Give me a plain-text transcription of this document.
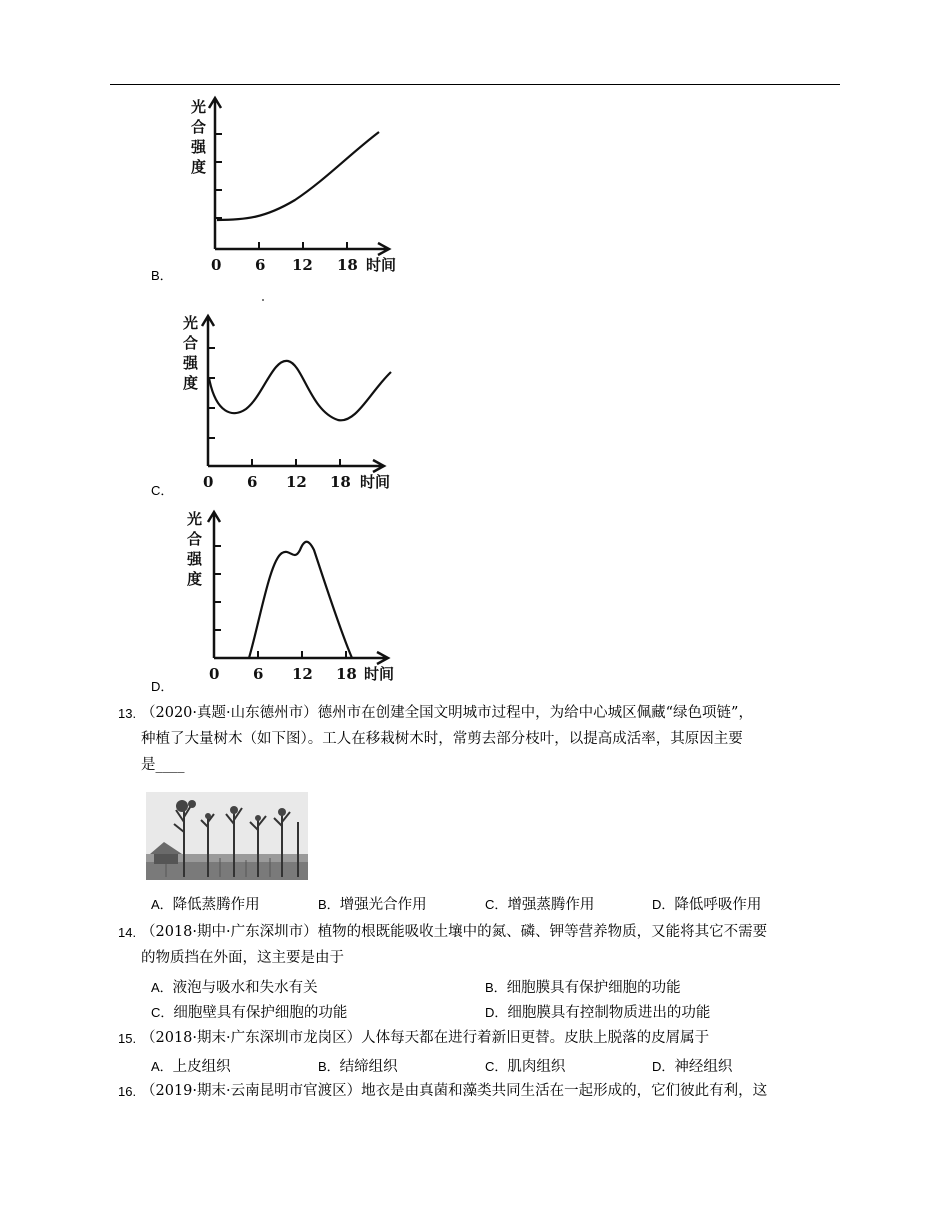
光
合
强
度
0 6 12 18 时间
B．
光
合
强
度
0 6 12 18 时间
C．
光
合
强
度
0 6 12 18 时间
D．
13. （2020·真题·山东德州市）德州市在创建全国文明城市过程中，为给中心城区佩藏“绿色项链”，
种植了大量树木（如下图）。工人在移栽树木时，常剪去部分枝叶，以提高成活率，其原因主要
是____
A．降低蒸腾作用	B．增强光合作用	C．增强蒸腾作用	D．降低呼吸作用
14. （2018·期中·广东深圳市）植物的根既能吸收土壤中的氮、磷、钾等营养物质，又能将其它不需要
的物质挡在外面，这主要是由于
A．液泡与吸水和失水有关	B．细胞膜具有保护细胞的功能
C．细胞壁具有保护细胞的功能	D．细胞膜具有控制物质进出的功能
15. （2018·期末·广东深圳市龙岗区）人体每天都在进行着新旧更替。皮肤上脱落的皮屑属于
A．上皮组织	B．结缔组织	C．肌肉组织	D．神经组织
16. （2019·期末·云南昆明市官渡区）地衣是由真菌和藻类共同生活在一起形成的，它们彼此有利，这
